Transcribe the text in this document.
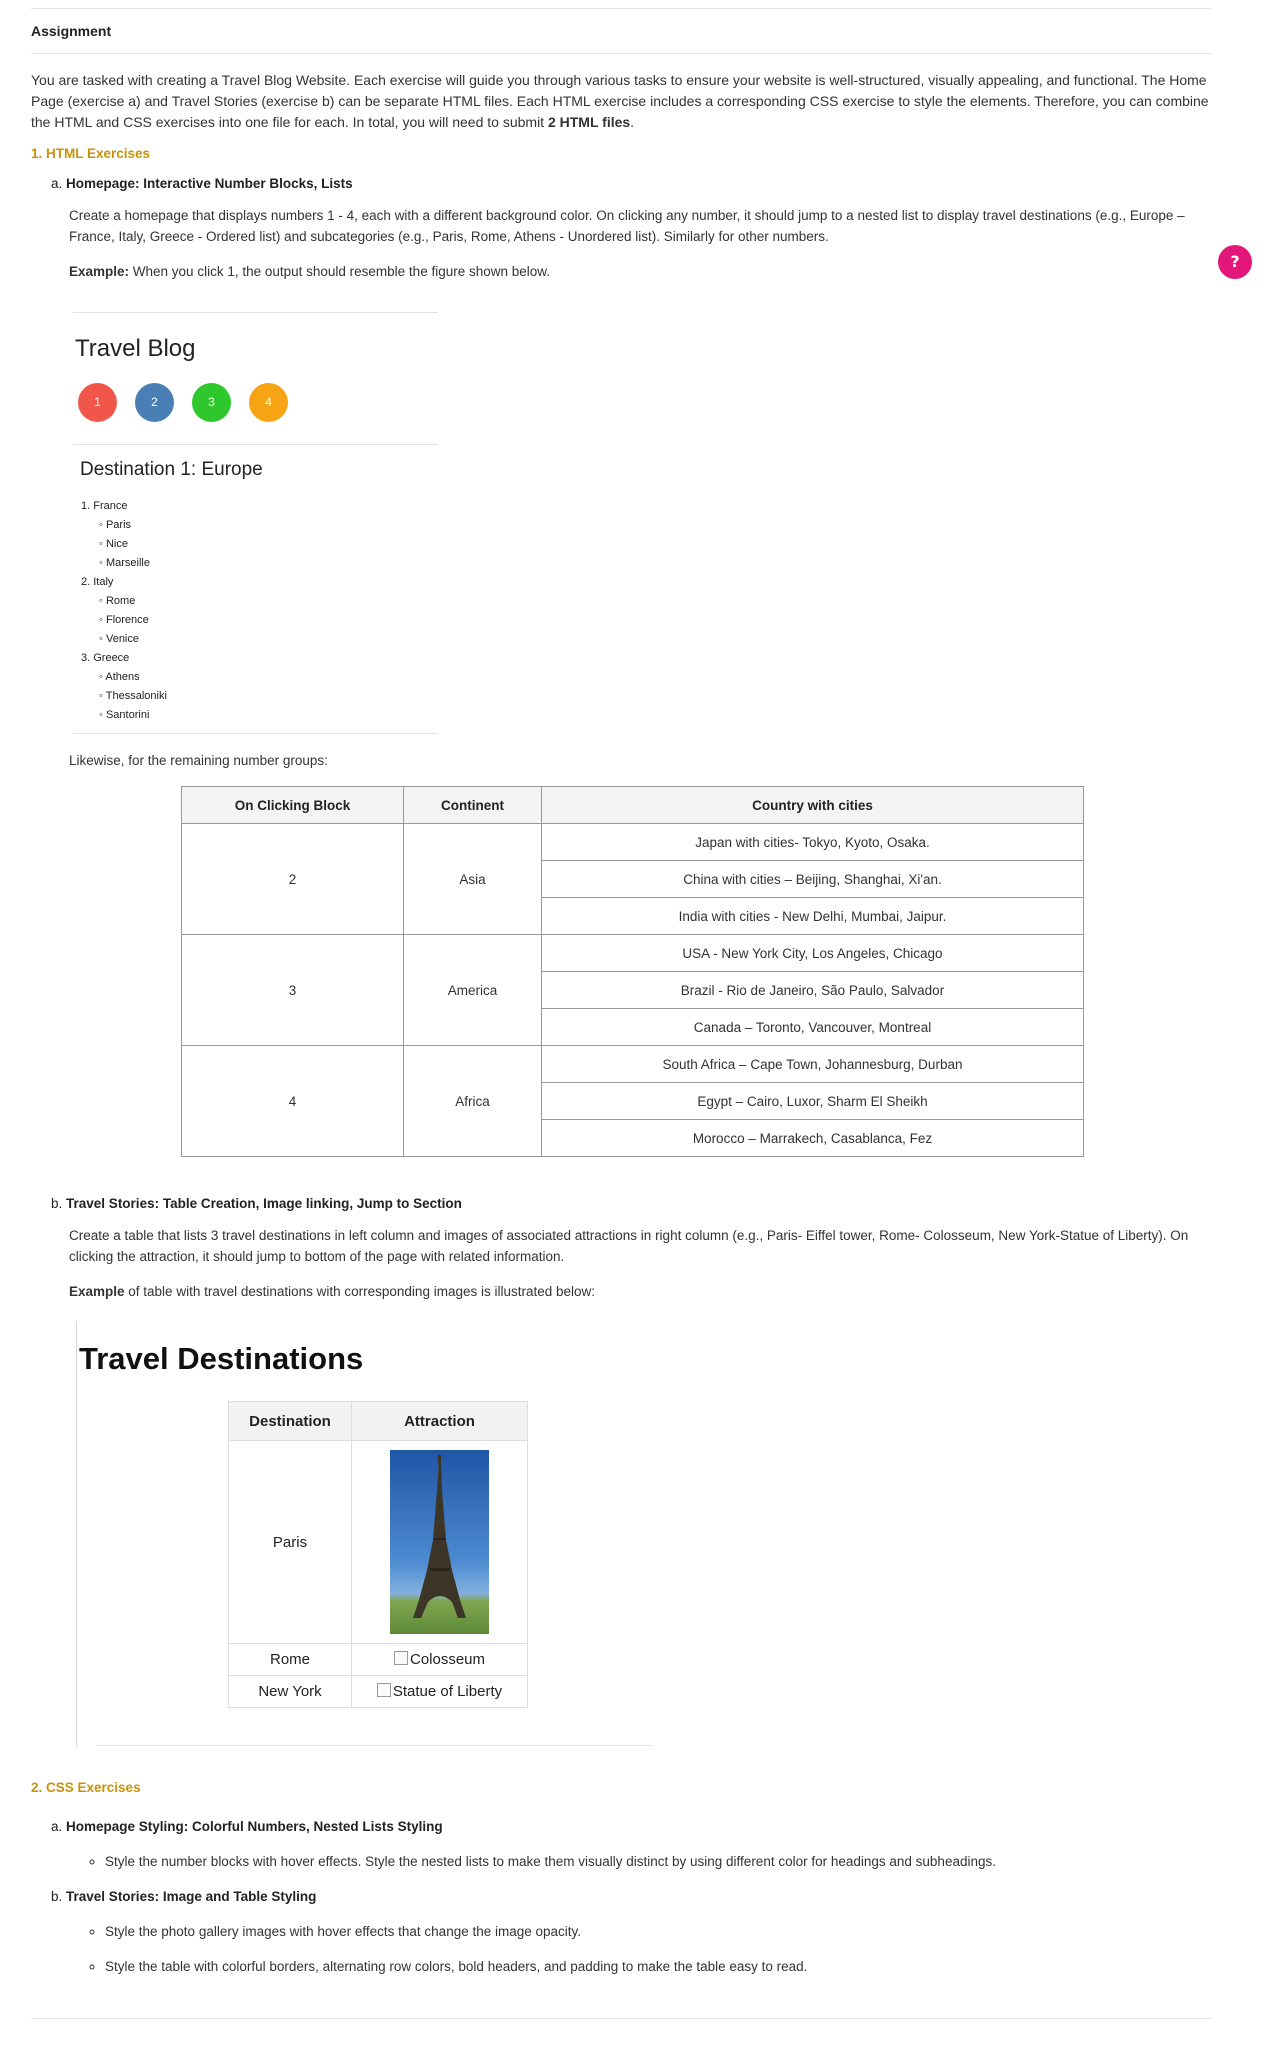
Assignment

You are tasked with creating a Travel Blog Website. Each exercise will guide you through various tasks to ensure your website is well-structured, visually appealing, and functional. The Home Page (exercise a) and Travel Stories (exercise b) can be separate HTML files. Each HTML exercise includes a corresponding CSS exercise to style the elements. Therefore, you can combine the HTML and CSS exercises into one file for each. In total, you will need to submit 2 HTML files.

1. HTML Exercises
a. Homepage: Interactive Number Blocks, Lists

Create a homepage that displays numbers 1 - 4, each with a different background color. On clicking any number, it should jump to a nested list to display travel destinations (e.g., Europe – France, Italy, Greece - Ordered list) and subcategories (e.g., Paris, Rome, Athens - Unordered list). Similarly for other numbers.

Example: When you click 1, the output should resemble the figure shown below.

?
Travel Blog
1	2	3	4
Destination 1: Europe
1. France
◦ Paris
◦ Nice
◦ Marseille
2. Italy
◦ Rome
◦ Florence
◦ Venice
3. Greece
◦ Athens
◦ Thessaloniki
◦ Santorini

Likewise, for the remaining number groups:

On Clicking Block	Continent	Country with cities
2	Asia	Japan with cities- Tokyo, Kyoto, Osaka.
		China with cities – Beijing, Shanghai, Xi'an.
		India with cities - New Delhi, Mumbai, Jaipur.
3	America	USA - New York City, Los Angeles, Chicago
		Brazil - Rio de Janeiro, São Paulo, Salvador
		Canada – Toronto, Vancouver, Montreal
4	Africa	South Africa – Cape Town, Johannesburg, Durban
		Egypt – Cairo, Luxor, Sharm El Sheikh
		Morocco – Marrakech, Casablanca, Fez
b. Travel Stories: Table Creation, Image linking, Jump to Section

Create a table that lists 3 travel destinations in left column and images of associated attractions in right column (e.g., Paris- Eiffel tower, Rome- Colosseum, New York-Statue of Liberty). On clicking the attraction, it should jump to bottom of the page with related information.

Example of table with travel destinations with corresponding images is illustrated below:

Travel Destinations
Destination	Attraction
Paris	

Rome	Colosseum
New York	Statue of Liberty
2. CSS Exercises
a. Homepage Styling: Colorful Numbers, Nested Lists Styling
◦ Style the number blocks with hover effects. Style the nested lists to make them visually distinct by using different color for headings and subheadings.
b. Travel Stories: Image and Table Styling
◦ Style the photo gallery images with hover effects that change the image opacity.
◦ Style the table with colorful borders, alternating row colors, bold headers, and padding to make the table easy to read.
